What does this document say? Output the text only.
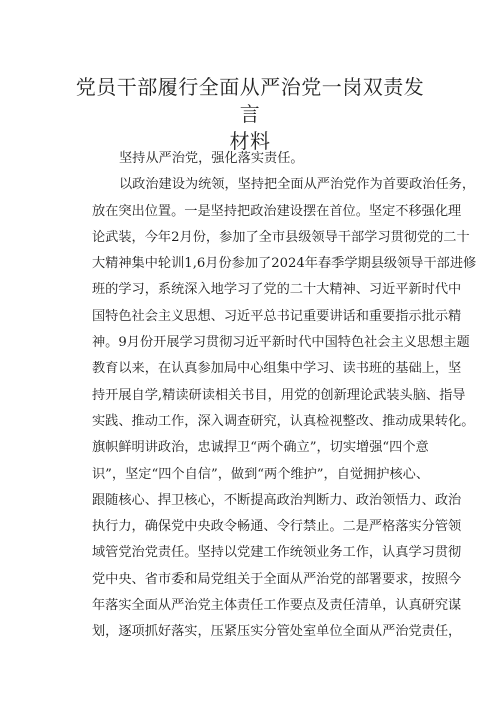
党员干部履行全面从严治党一岗双责发言
材料
坚持从严治党，强化落实责任。
以政治建设为统领，坚持把全面从严治党作为首要政治任务，
放在突出位置。一是坚持把政治建设摆在首位。坚定不移强化理
论武装，今年2月份，参加了全市县级领导干部学习贯彻党的二十
大精神集中轮训1,6月份参加了2024年春季学期县级领导干部进修
班的学习，系统深入地学习了党的二十大精神、习近平新时代中
国特色社会主义思想、习近平总书记重要讲话和重要指示批示精
神。9月份开展学习贯彻习近平新时代中国特色社会主义思想主题
教育以来，在认真参加局中心组集中学习、读书班的基础上，坚
持开展自学,精读研读相关书目，用党的创新理论武装头脑、指导
实践、推动工作，深入调查研究，认真检视整改、推动成果转化。
旗帜鲜明讲政治，忠诚捍卫“两个确立”，切实增强“四个意
识”，坚定“四个自信”，做到“两个维护”，自觉拥护核心、
跟随核心、捍卫核心，不断提高政治判断力、政治领悟力、政治
执行力，确保党中央政令畅通、令行禁止。二是严格落实分管领
域管党治党责任。坚持以党建工作统领业务工作，认真学习贯彻
党中央、省市委和局党组关于全面从严治党的部署要求，按照今
年落实全面从严治党主体责任工作要点及责任清单，认真研究谋
划，逐项抓好落实，压紧压实分管处室单位全面从严治党责任，
